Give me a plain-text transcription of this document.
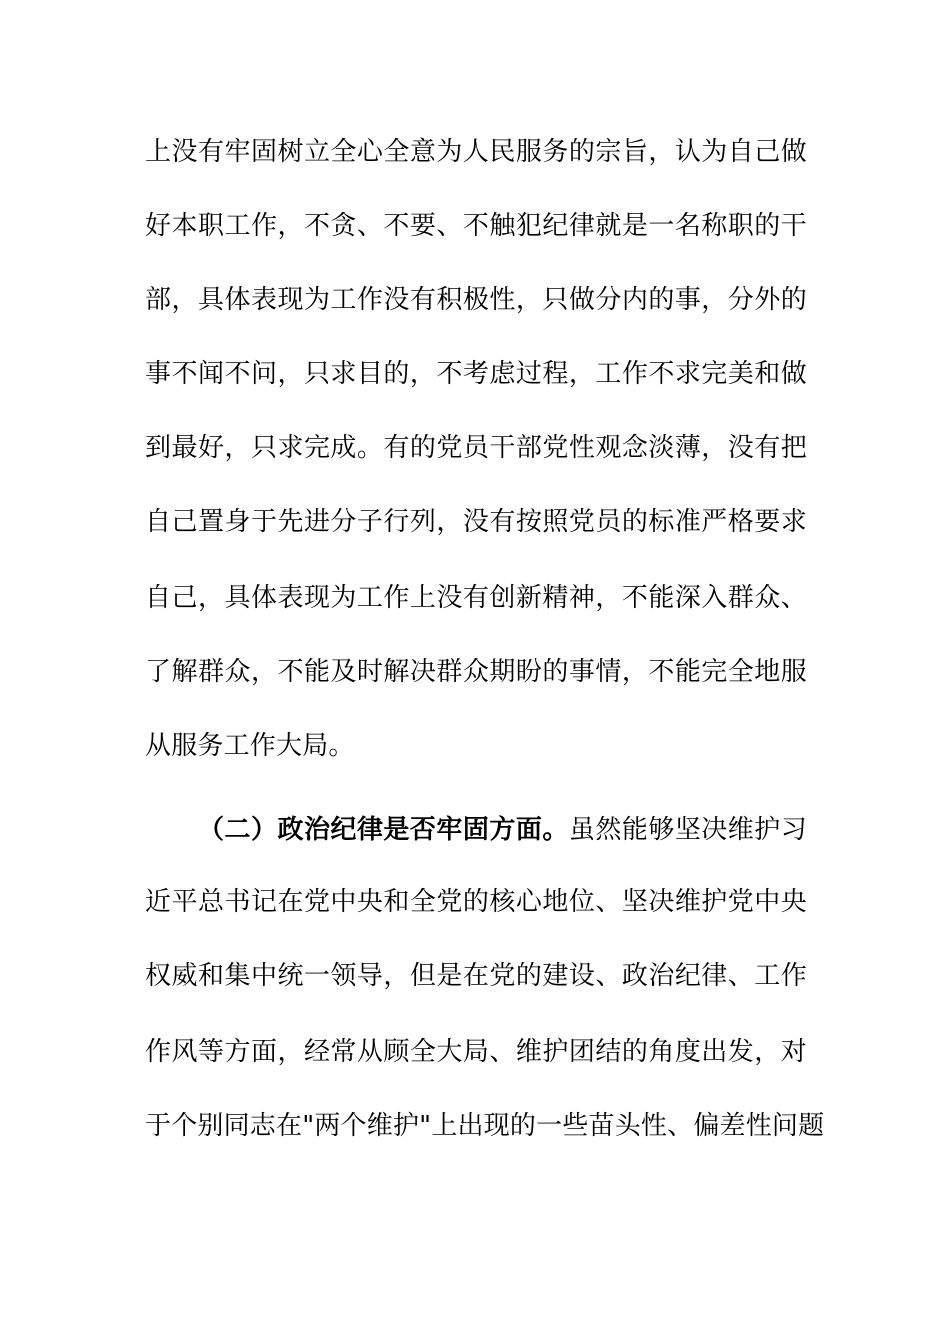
上没有牢固树立全心全意为人民服务的宗旨，认为自己做
好本职工作，不贪、不要、不触犯纪律就是一名称职的干
部，具体表现为工作没有积极性，只做分内的事，分外的
事不闻不问，只求目的，不考虑过程，工作不求完美和做
到最好，只求完成。有的党员干部党性观念淡薄，没有把
自己置身于先进分子行列，没有按照党员的标准严格要求
自己，具体表现为工作上没有创新精神，不能深入群众、
了解群众，不能及时解决群众期盼的事情，不能完全地服
从服务工作大局。
（二）政治纪律是否牢固方面。虽然能够坚决维护习
近平总书记在党中央和全党的核心地位、坚决维护党中央
权威和集中统一领导，但是在党的建设、政治纪律、工作
作风等方面，经常从顾全大局、维护团结的角度出发，对
于个别同志在"两个维护"上出现的一些苗头性、偏差性问题
